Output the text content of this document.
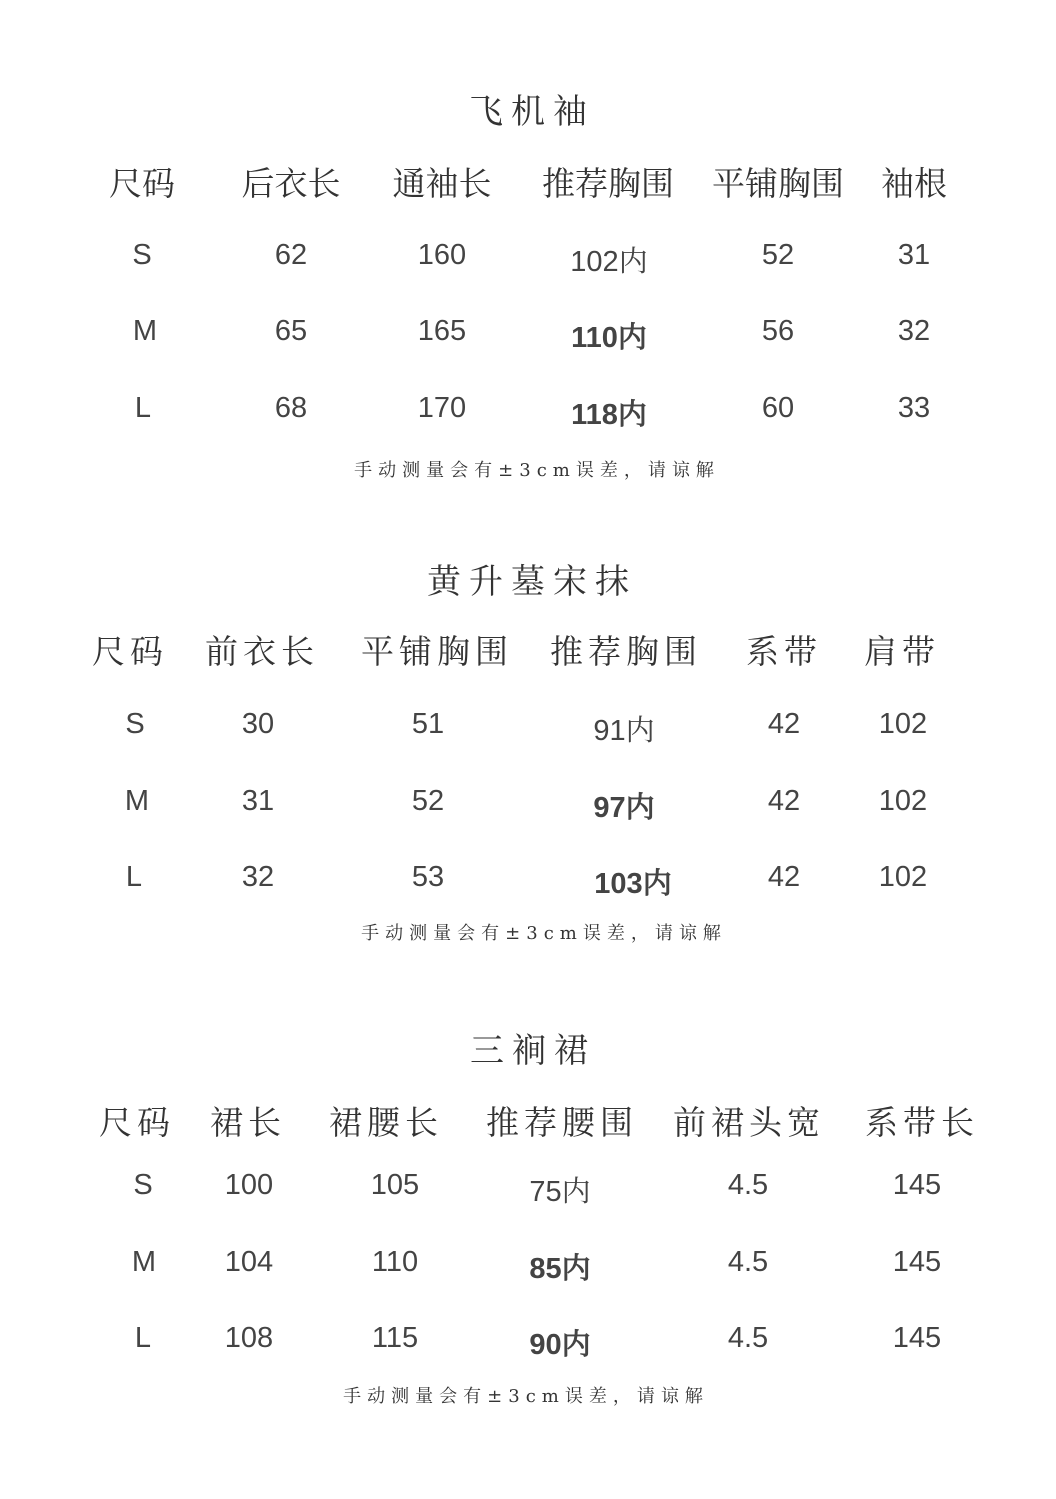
飞机袖
尺码 后衣长 通袖长 推荐胸围 平铺胸围 袖根
S	62	160	102内	52	31
M	65	165	110内	56	32
L	68	170	118内	60	33
手动测量会有±3cm误差，请谅解
黄升墓宋抹
尺码 前衣长 平铺胸围 推荐胸围 系带 肩带
S	30	51	91内	42	102
M	31	52	97内	42	102
L	32	53	103内	42	102
手动测量会有±3cm误差，请谅解
三裥裙
尺码 裙长 裙腰长 推荐腰围 前裙头宽 系带长
S 100	105	75内	4.5	145
M 104	110	85内	4.5	145
L	108	115	90内	4.5	145
手动测量会有±3cm误差，请谅解
